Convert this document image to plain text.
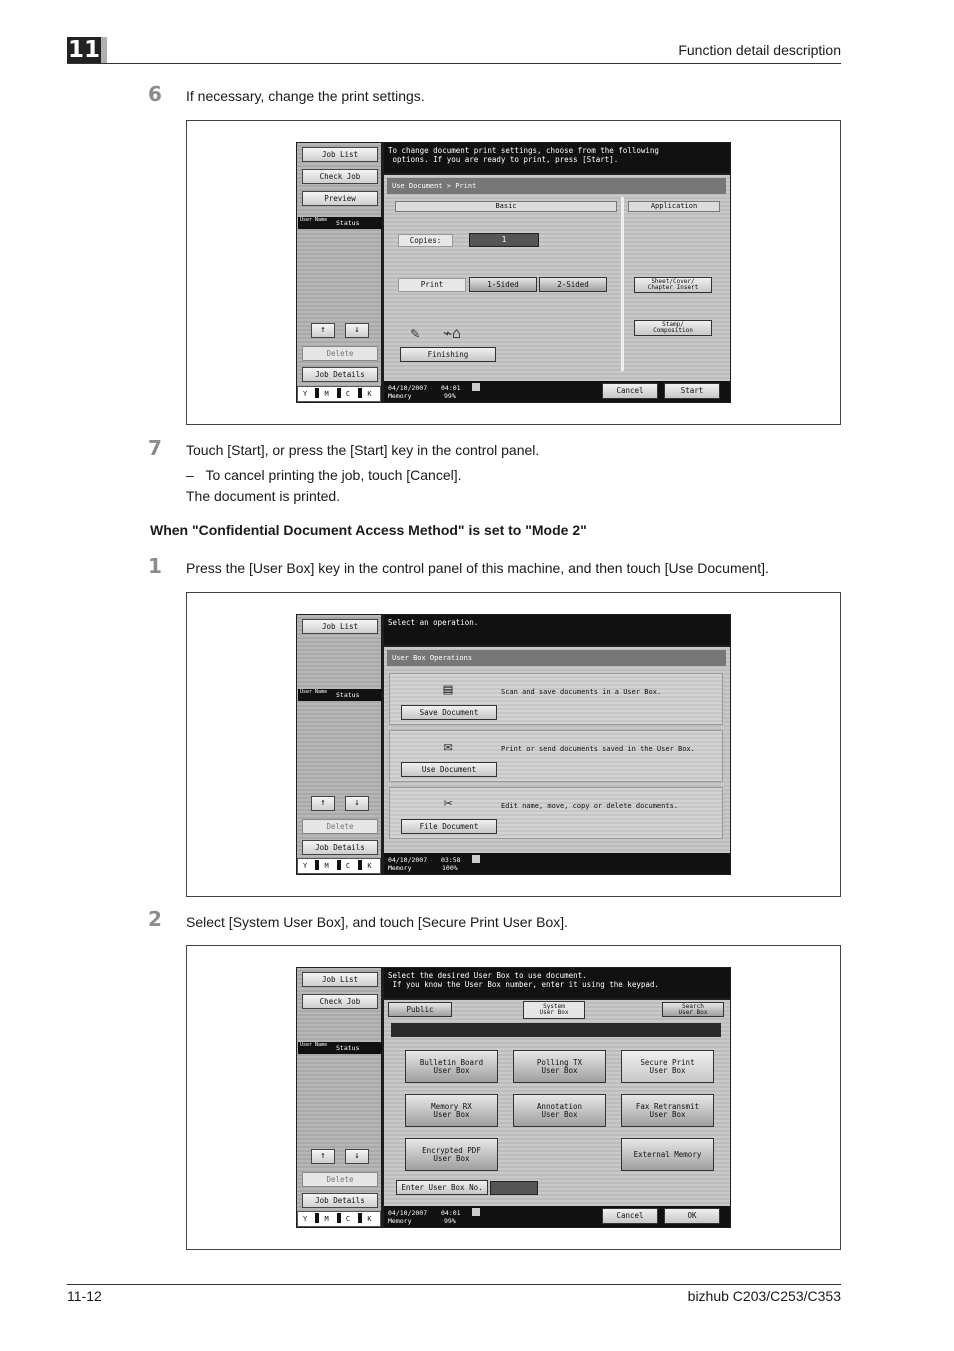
11	Function detail description
6	If necessary, change the print settings.
Job List
Check Job
Preview
User Name	Status
↑	↓
Delete
Job Details
Y M C K
To change document print settings, choose from the following
options. If you are ready to print, press [Start].
Use Document > Print
Basic	Application
Copies:	1
Print	1-Sided	2-Sided
✎	⌁⌂
Finishing
Sheet/Cover/
Chapter Insert
Stamp/
Composition
04/10/2007 04:01
Memory	99%
Cancel	Start
7	Touch [Start], or press the [Start] key in the control panel.
–   To cancel printing the job, touch [Cancel].
The document is printed.
When "Confidential Document Access Method" is set to "Mode 2"
1	Press the [User Box] key in the control panel of this machine, and then touch [Use Document].
Job List
User Name	Status
↑	↓
Delete
Job Details
Y M C K
Select an operation.
User Box Operations
▤
Save Document
Scan and save documents in a User Box.
✉
Use Document
Print or send documents saved in the User Box.
✂
File Document
Edit name, move, copy or delete documents.
04/10/2007 03:58
Memory	100%
2	Select [System User Box], and touch [Secure Print User Box].
Job List
Check Job
User Name	Status
↑	↓
Delete
Job Details
Y M C K
Select the desired User Box to use document.
If you know the User Box number, enter it using the keypad.
Public	System
User Box
Search
User Box
Bulletin Board
User Box
Polling TX
User Box
Secure Print
User Box
Memory RX
User Box
Annotation
User Box
Fax Retransmit
User Box
Encrypted PDF
User Box	External Memory
Enter User Box No.
04/10/2007 04:01
Memory	99%
Cancel	OK
11-12	bizhub C203/C253/C353
